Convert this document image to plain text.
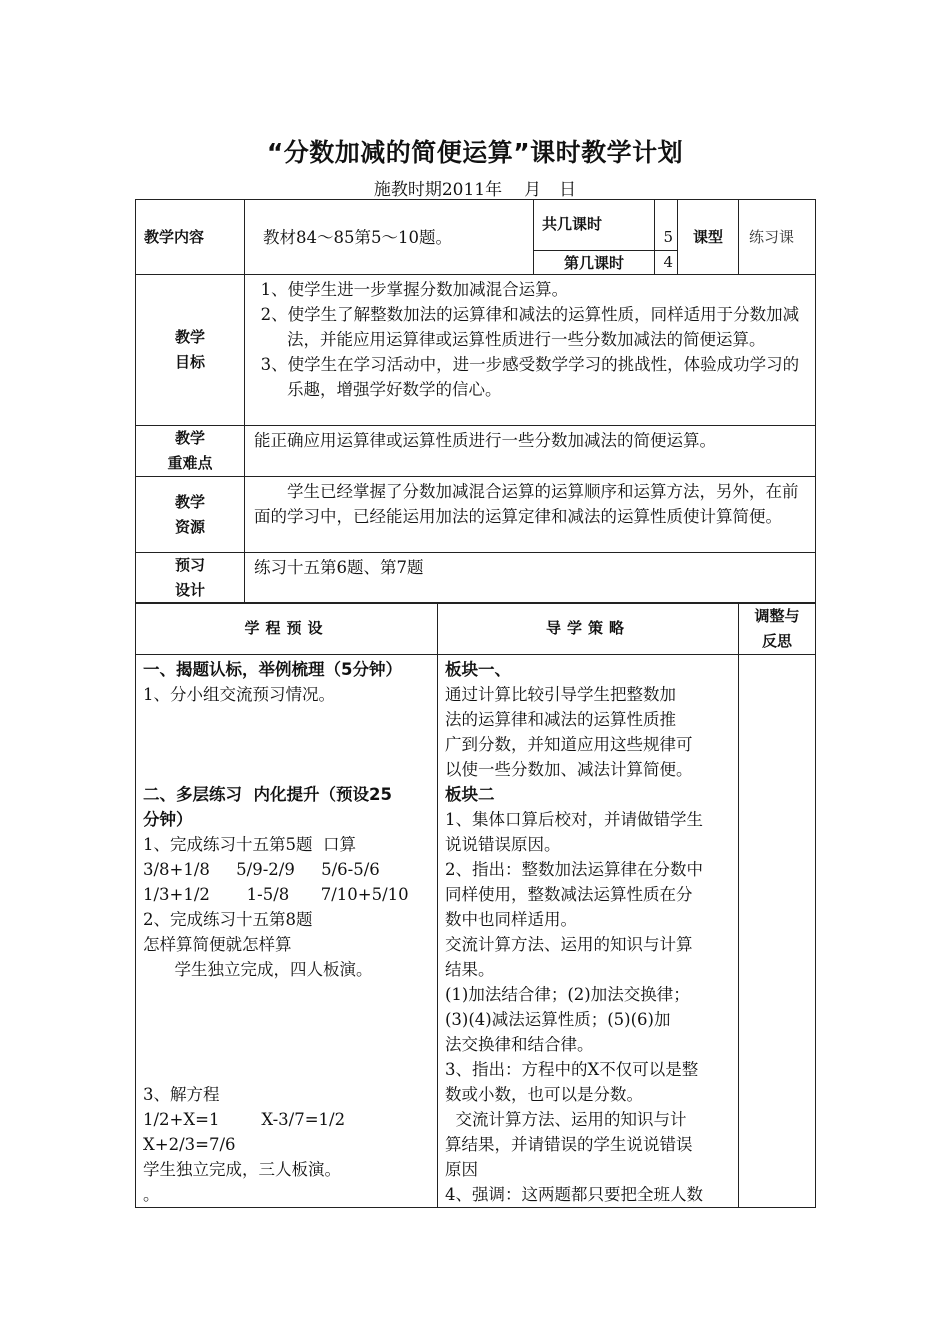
“分数加减的简便运算”课时教学计划
施教时期2011年 月 日
教学内容	教材84～85第5～10题。	共几课时	5	课型	练习课
		第几课时	4		

教学
目标

1、使学生进一步掌握分数加减混合运算。
2、使学生了解整数加法的运算律和减法的运算性质，同样适用于分数加减法，并能应用运算律或运算性质进行一些分数加减法的简便运算。
3、使学生在学习活动中，进一步感受数学学习的挑战性，体验成功学习的乐趣，增强学好数学的信心。

教学
重难点	能正确应用运算律或运算性质进行一些分数加减法的简便运算。				

教学
资源	学生已经掌握了分数加减混合运算的运算顺序和运算方法，另外，在前面的学习中，已经能运用加法的运算定律和减法的运算性质使计算简便。				

预习
设计	练习十五第6题、第7题				
学程预设	导学策略	调整与
反思

一、揭题认标，举例梳理（5分钟）
1、分小组交流预习情况。
二、多层练习  内化提升（预设25
分钟）
1、完成练习十五第5题  口算
3/8+1/8     5/9-2/9     5/6-5/6
1/3+1/2       1-5/8      7/10+5/10
2、完成练习十五第8题
怎样算简便就怎样算
学生独立完成，四人板演。
3、解方程
1/2+X=1        X-3/7=1/2
X+2/3=7/6
学生独立完成，三人板演。
。

板块一、
通过计算比较引导学生把整数加
法的运算律和减法的运算性质推
广到分数，并知道应用这些规律可
以使一些分数加、减法计算简便。
板块二
1、集体口算后校对，并请做错学生
说说错误原因。
2、指出：整数加法运算律在分数中
同样使用，整数减法运算性质在分
数中也同样适用。
交流计算方法、运用的知识与计算
结果。
(1)加法结合律；(2)加法交换律；
(3)(4)减法运算性质；(5)(6)加
法交换律和结合律。
3、指出：方程中的X不仅可以是整
数或小数，也可以是分数。
交流计算方法、运用的知识与计
算结果，并请错误的学生说说错误
原因
4、强调：这两题都只要把全班人数
